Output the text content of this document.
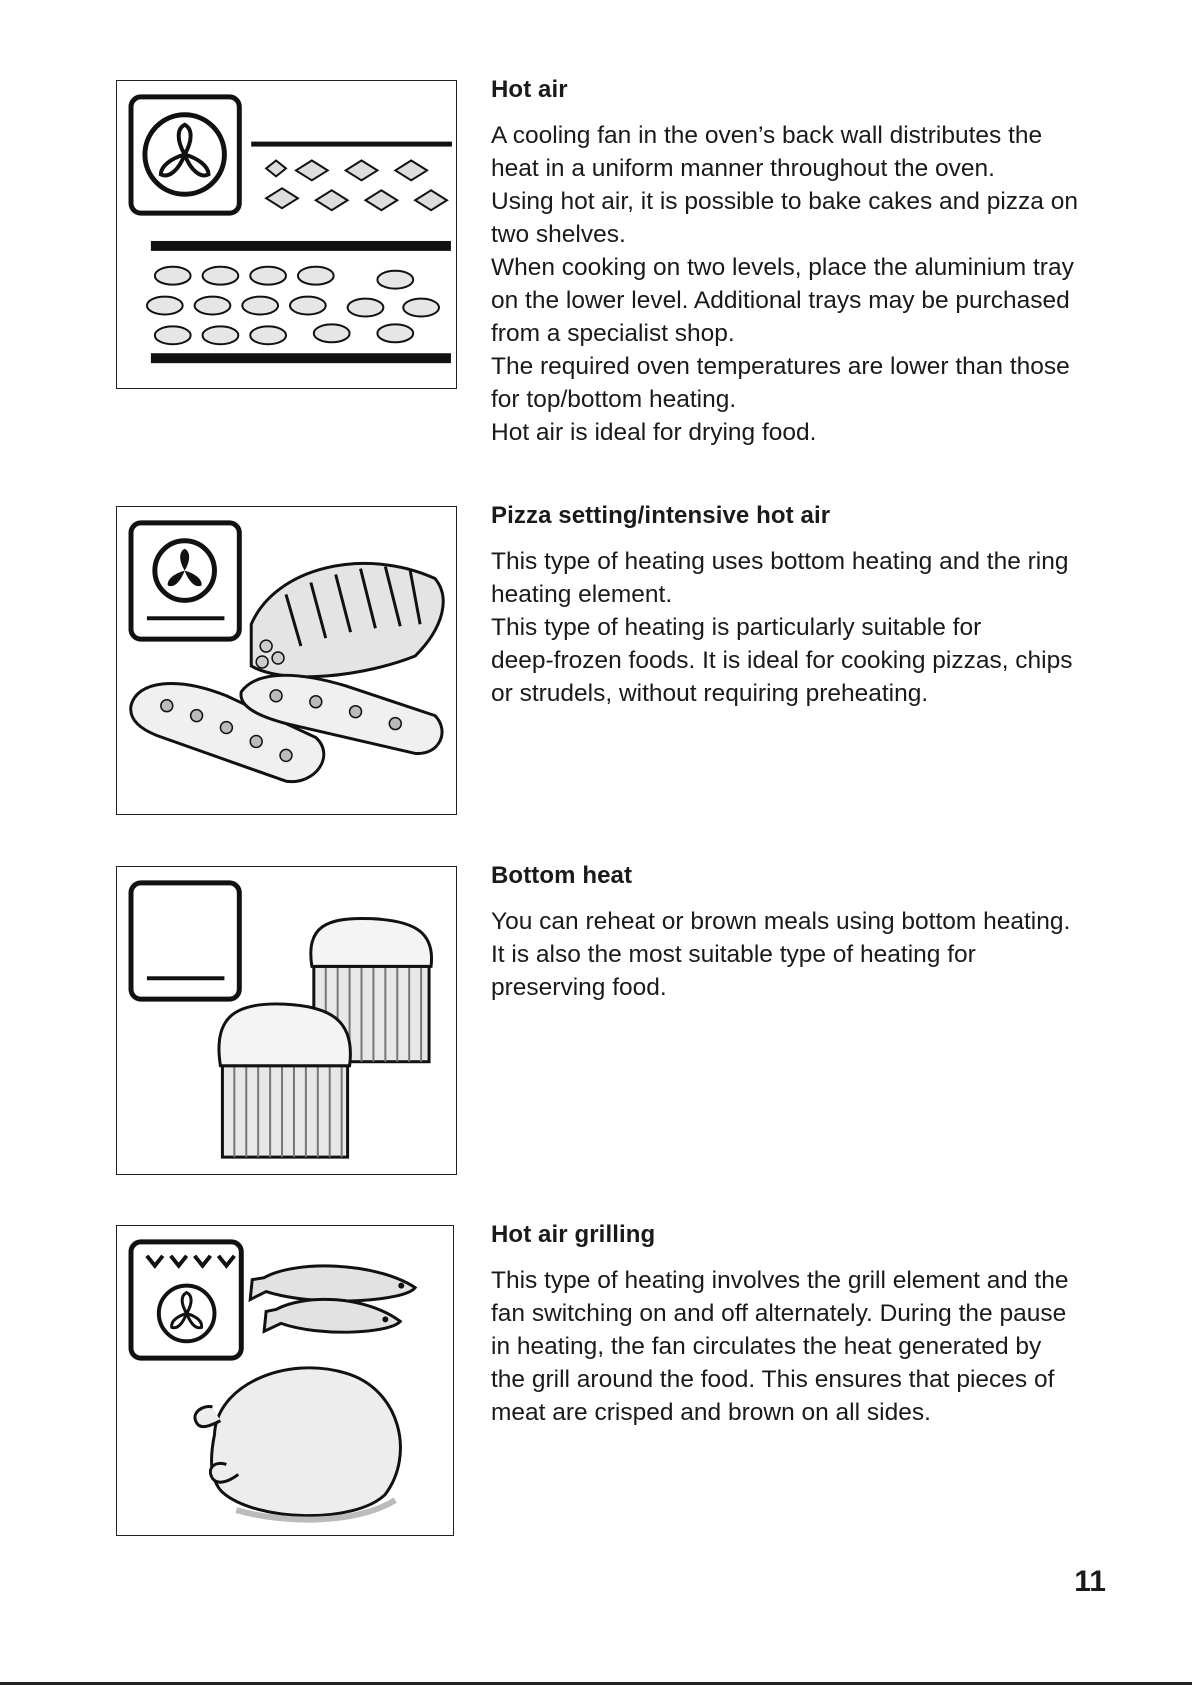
Hot air

A cooling fan in the oven’s back wall distributes the
heat in a uniform manner throughout the oven.
Using hot air, it is possible to bake cakes and pizza on
two shelves.
When cooking on two levels, place the aluminium tray
on the lower level. Additional trays may be purchased
from a specialist shop.
The required oven temperatures are lower than those
for top/bottom heating.
Hot air is ideal for drying food.

Pizza setting/intensive hot air

This type of heating uses bottom heating and the ring
heating element.
This type of heating is particularly suitable for
deep-frozen foods. It is ideal for cooking pizzas, chips
or strudels, without requiring preheating.

Bottom heat

You can reheat or brown meals using bottom heating.
It is also the most suitable type of heating for
preserving food.

Hot air grilling

This type of heating involves the grill element and the
fan switching on and off alternately. During the pause
in heating, the fan circulates the heat generated by
the grill around the food. This ensures that pieces of
meat are crisped and brown on all sides.

11
